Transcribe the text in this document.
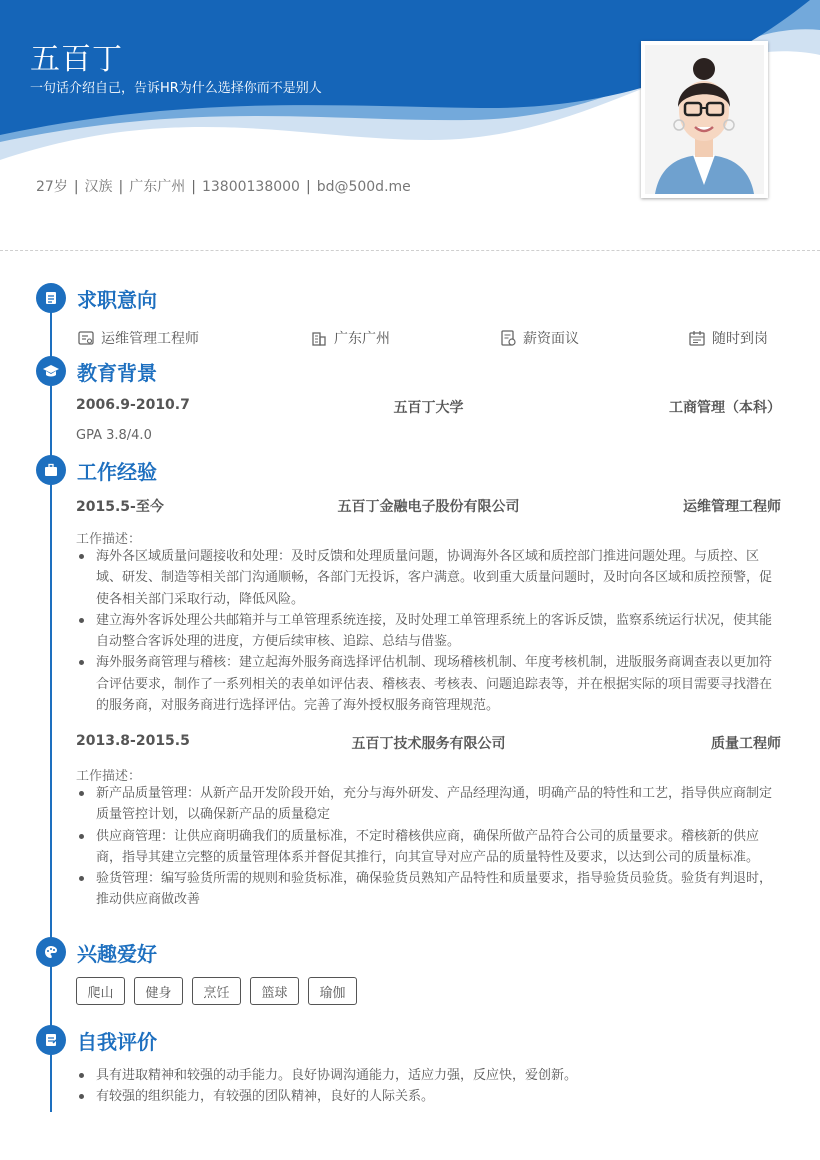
五百丁
一句话介绍自己，告诉HR为什么选择你而不是别人
27岁 | 汉族 | 广东广州 | 13800138000 | bd@500d.me
求职意向
运维管理工程师	广东广州	薪资面议	随时到岗
教育背景
2006.9-2010.7	五百丁大学	工商管理（本科）
GPA 3.8/4.0
工作经验
2015.5-至今	五百丁金融电子股份有限公司	运维管理工程师
工作描述：
海外各区域质量问题接收和处理：及时反馈和处理质量问题，协调海外各区域和质控部门推进问题处理。与质控、区域、研发、制造等相关部门沟通顺畅，各部门无投诉，客户满意。收到重大质量问题时，及时向各区域和质控预警，促使各相关部门采取行动，降低风险。
建立海外客诉处理公共邮箱并与工单管理系统连接，及时处理工单管理系统上的客诉反馈，监察系统运行状况，使其能自动整合客诉处理的进度，方便后续审核、追踪、总结与借鉴。
海外服务商管理与稽核：建立起海外服务商选择评估机制、现场稽核机制、年度考核机制，进版服务商调查表以更加符合评估要求，制作了一系列相关的表单如评估表、稽核表、考核表、问题追踪表等，并在根据实际的项目需要寻找潜在的服务商，对服务商进行选择评估。完善了海外授权服务商管理规范。
2013.8-2015.5	五百丁技术服务有限公司	质量工程师
工作描述：
新产品质量管理：从新产品开发阶段开始，充分与海外研发、产品经理沟通，明确产品的特性和工艺，指导供应商制定质量管控计划，以确保新产品的质量稳定
供应商管理：让供应商明确我们的质量标准，不定时稽核供应商，确保所做产品符合公司的质量要求。稽核新的供应商，指导其建立完整的质量管理体系并督促其推行，向其宣导对应产品的质量特性及要求，以达到公司的质量标准。
验货管理：编写验货所需的规则和验货标准，确保验货员熟知产品特性和质量要求，指导验货员验货。验货有判退时，推动供应商做改善
兴趣爱好
爬山	健身	烹饪	篮球	瑜伽
自我评价
具有进取精神和较强的动手能力。良好协调沟通能力，适应力强，反应快，爱创新。
有较强的组织能力，有较强的团队精神，良好的人际关系。
